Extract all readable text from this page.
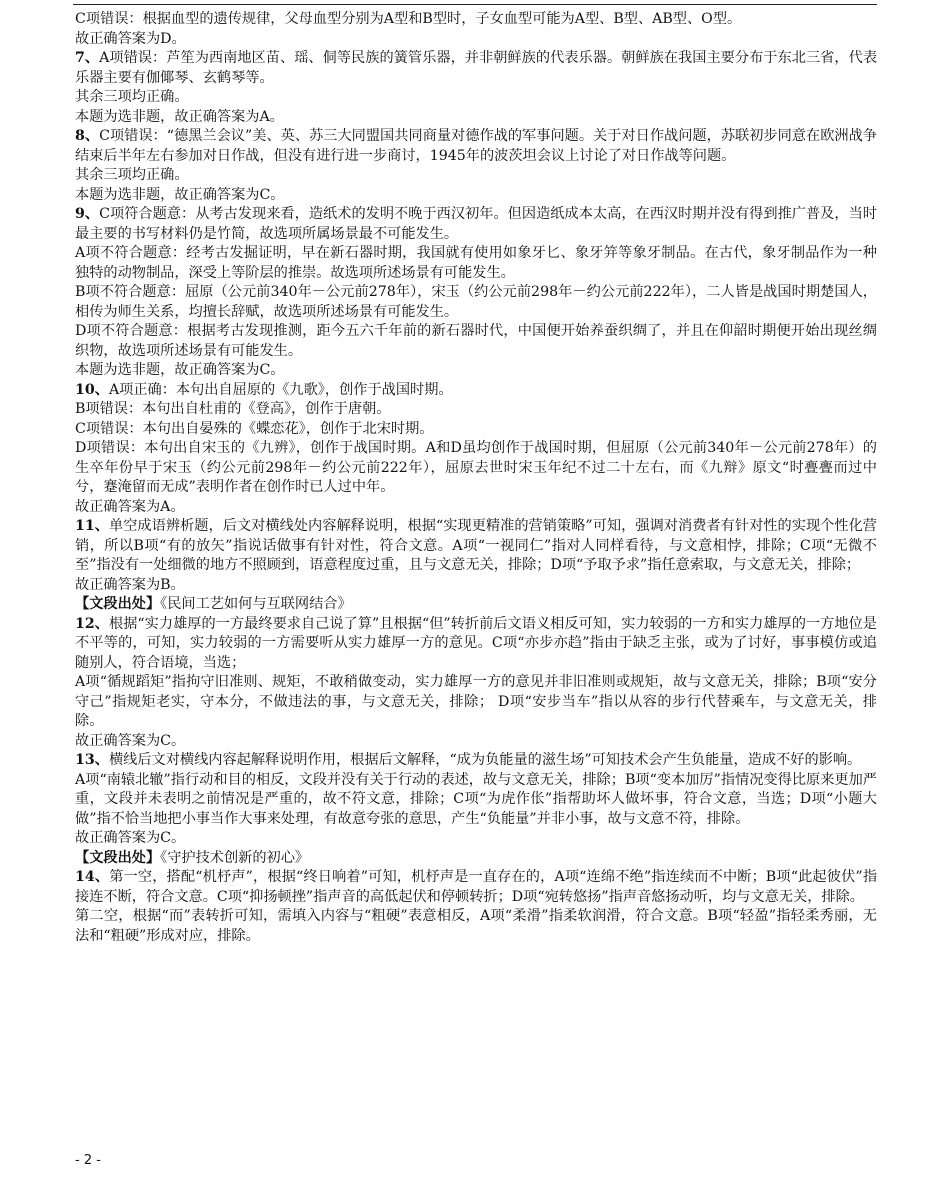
C项错误：根据血型的遗传规律，父母血型分别为A型和B型时，子女血型可能为A型、B型、AB型、O型。

故正确答案为D。

7、A项错误：芦笙为西南地区苗、瑶、侗等民族的簧管乐器，并非朝鲜族的代表乐器。朝鲜族在我国主要分布于东北三省，代表乐器主要有伽倻琴、玄鹤琴等。

其余三项均正确。

本题为选非题，故正确答案为A。

8、C项错误：“德黑兰会议”美、英、苏三大同盟国共同商量对德作战的军事问题。关于对日作战问题，苏联初步同意在欧洲战争结束后半年左右参加对日作战，但没有进行进一步商讨，1945年的波茨坦会议上讨论了对日作战等问题。

其余三项均正确。

本题为选非题，故正确答案为C。

9、C项符合题意：从考古发现来看，造纸术的发明不晚于西汉初年。但因造纸成本太高，在西汉时期并没有得到推广普及，当时最主要的书写材料仍是竹简，故选项所属场景最不可能发生。

A项不符合题意：经考古发掘证明，早在新石器时期，我国就有使用如象牙匕、象牙笄等象牙制品。在古代，象牙制品作为一种独特的动物制品，深受上等阶层的推崇。故选项所述场景有可能发生。

B项不符合题意：屈原（公元前340年－公元前278年），宋玉（约公元前298年－约公元前222年），二人皆是战国时期楚国人，相传为师生关系，均擅长辞赋，故选项所述场景有可能发生。

D项不符合题意：根据考古发现推测，距今五六千年前的新石器时代，中国便开始养蚕织绸了，并且在仰韶时期便开始出现丝绸织物，故选项所述场景有可能发生。

本题为选非题，故正确答案为C。

10、A项正确：本句出自屈原的《九歌》，创作于战国时期。

B项错误：本句出自杜甫的《登高》，创作于唐朝。

C项错误：本句出自晏殊的《蝶恋花》，创作于北宋时期。

D项错误：本句出自宋玉的《九辨》，创作于战国时期。A和D虽均创作于战国时期，但屈原（公元前340年－公元前278年）的生卒年份早于宋玉（约公元前298年－约公元前222年），屈原去世时宋玉年纪不过二十左右，而《九辩》原文“时亹亹而过中兮，蹇淹留而无成”表明作者在创作时已人过中年。

故正确答案为A。

11、单空成语辨析题，后文对横线处内容解释说明，根据“实现更精准的营销策略”可知，强调对消费者有针对性的实现个性化营销，所以B项“有的放矢”指说话做事有针对性，符合文意。A项“一视同仁”指对人同样看待，与文意相悖，排除；C项“无微不至”指没有一处细微的地方不照顾到，语意程度过重，且与文意无关，排除；D项“予取予求”指任意索取，与文意无关，排除；

故正确答案为B。

【文段出处】《民间工艺如何与互联网结合》

12、根据“实力雄厚的一方最终要求自己说了算”且根据“但”转折前后文语义相反可知，实力较弱的一方和实力雄厚的一方地位是不平等的，可知，实力较弱的一方需要听从实力雄厚一方的意见。C项“亦步亦趋”指由于缺乏主张，或为了讨好，事事模仿或追随别人，符合语境，当选；

A项“循规蹈矩”指拘守旧准则、规矩，不敢稍做变动，实力雄厚一方的意见并非旧准则或规矩，故与文意无关，排除；B项“安分守己”指规矩老实，守本分，不做违法的事，与文意无关，排除； D项“安步当车”指以从容的步行代替乘车，与文意无关，排除。

故正确答案为C。

13、横线后文对横线内容起解释说明作用，根据后文解释，“成为负能量的滋生场”可知技术会产生负能量，造成不好的影响。

A项“南辕北辙”指行动和目的相反，文段并没有关于行动的表述，故与文意无关，排除；B项“变本加厉”指情况变得比原来更加严重，文段并未表明之前情况是严重的，故不符文意，排除；C项“为虎作伥”指帮助坏人做坏事，符合文意，当选；D项“小题大做”指不恰当地把小事当作大事来处理，有故意夸张的意思，产生“负能量”并非小事，故与文意不符，排除。

故正确答案为C。

【文段出处】《守护技术创新的初心》

14、第一空，搭配“机杼声”，根据“终日响着”可知，机杼声是一直存在的，A项“连绵不绝”指连续而不中断；B项“此起彼伏”指接连不断，符合文意。C项“抑扬顿挫”指声音的高低起伏和停顿转折；D项“宛转悠扬”指声音悠扬动听，均与文意无关，排除。

第二空，根据“而”表转折可知，需填入内容与“粗硬”表意相反，A项“柔滑”指柔软润滑，符合文意。B项“轻盈”指轻柔秀丽，无法和“粗硬”形成对应，排除。

- 2 -
